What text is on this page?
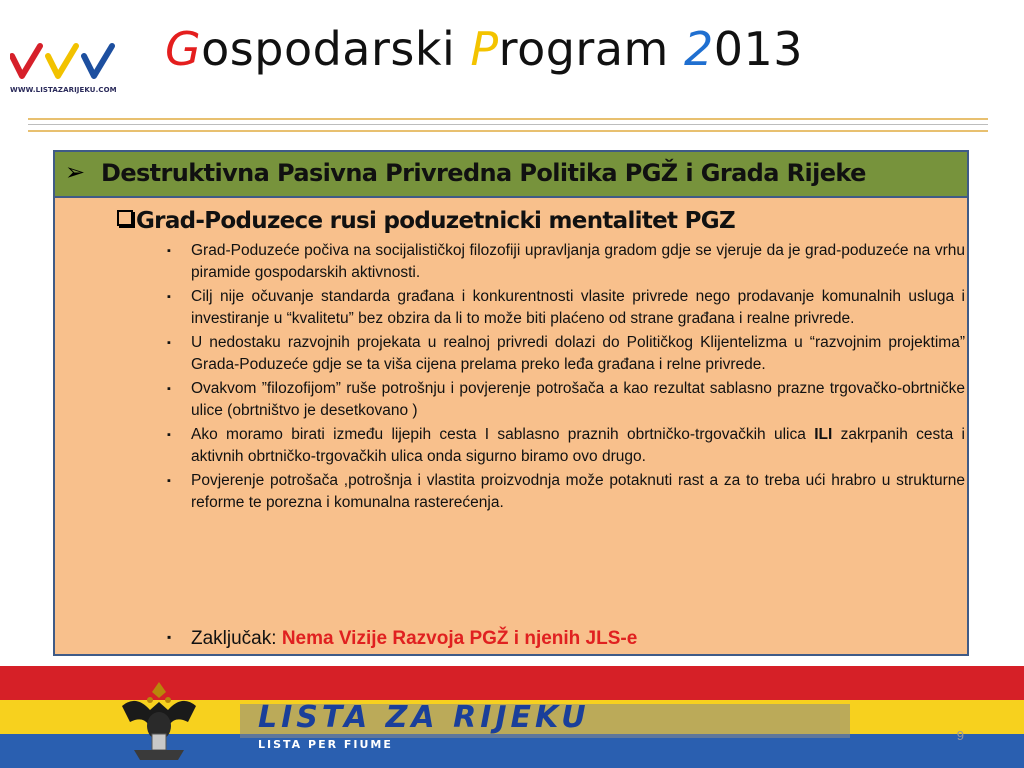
WWW.LISTAZARIJEKU.COM
Gospodarski Program 2013
➢ Destruktivna Pasivna Privredna Politika PGŽ i Grada Rijeke
Grad-Poduzece rusi poduzetnicki mentalitet PGZ
▪ Grad-Poduzeće počiva na socijalističkoj filozofiji upravljanja gradom gdje se vjeruje da je grad-poduzeće na vrhu piramide gospodarskih aktivnosti.
▪ Cilj nije očuvanje standarda građana i konkurentnosti vlasite privrede nego prodavanje komunalnih usluga i investiranje u “kvalitetu” bez obzira da li to može biti plaćeno od strane građana i realne privrede.
▪ U nedostaku razvojnih projekata u realnoj privredi dolazi do Političkog Klijentelizma u “razvojnim projektima” Grada-Poduzeće gdje se ta viša cijena prelama preko leđa građana i relne privrede.
▪ Ovakvom ”filozofijom” ruše potrošnju i povjerenje potrošača a kao rezultat sablasno prazne trgovačko-obrtničke ulice (obrtništvo je desetkovano )
▪ Ako moramo birati između lijepih cesta I sablasno praznih obrtničko-trgovačkih ulica ILI zakrpanih cesta i aktivnih obrtničko-trgovačkih ulica onda sigurno biramo ovo drugo.
▪ Povjerenje potrošača ,potrošnja i vlastita proizvodnja može potaknuti rast a za to treba ući hrabro u strukturne reforme te porezna i komunalna rasterećenja.
▪ Zaključak: Nema Vizije Razvoja PGŽ i njenih JLS-e
LISTA ZA RIJEKU
LISTA PER FIUME
9
